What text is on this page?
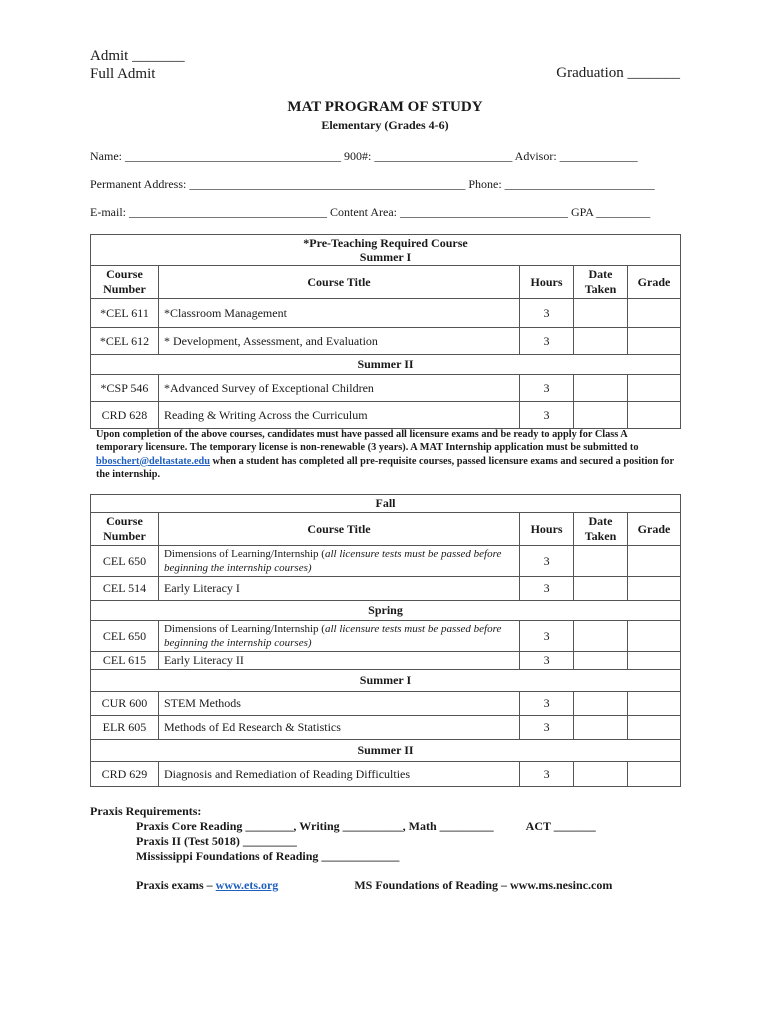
Admit _______
Full Admit	Graduation _______
MAT PROGRAM OF STUDY
Elementary (Grades 4-6)
Name: ____________________________________ 900#: _______________________ Advisor: _____________
Permanent Address: ______________________________________________ Phone: _________________________
E-mail: _________________________________ Content Area: ____________________________ GPA _________
*Pre-Teaching Required Course
Summer I				

Course Number	Course Title	Hours	Date Taken	Grade
*CEL 611	*Classroom Management	3		
*CEL 612	* Development, Assessment, and Evaluation	3		
Summer II				
*CSP 546	*Advanced Survey of Exceptional Children	3		
CRD 628	Reading & Writing Across the Curriculum	3		
Upon completion of the above courses, candidates must have passed all licensure exams and be ready to apply for Class A temporary licensure. The temporary license is non-renewable (3 years). A MAT Internship application must be submitted to bboschert@deltastate.edu when a student has completed all pre-requisite courses, passed licensure exams and secured a position for the internship.
Fall				
Course Number	Course Title	Hours	Date Taken	Grade
CEL 650	Dimensions of Learning/Internship (all licensure tests must be passed before beginning the internship courses)	3		
CEL 514	Early Literacy I	3		
Spring				
CEL 650	Dimensions of Learning/Internship (all licensure tests must be passed before beginning the internship courses)	3		
CEL 615	Early Literacy II	3		
Summer I				
CUR 600	STEM Methods	3		
ELR 605	Methods of Ed Research & Statistics	3		
Summer II				
CRD 629	Diagnosis and Remediation of Reading Difficulties	3		
Praxis Requirements:
Praxis Core Reading ________, Writing __________, Math _________	ACT _______
Praxis II (Test 5018) _________
Mississippi Foundations of Reading _____________
Praxis exams – www.ets.org	MS Foundations of Reading – www.ms.nesinc.com
